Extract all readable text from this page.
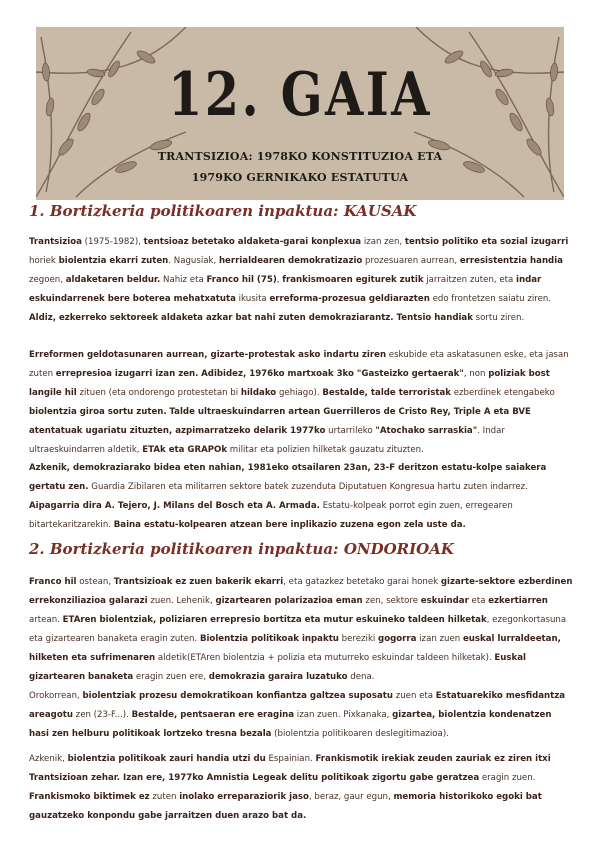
12. GAIA
TRANTSIZIOA: 1978KO KONSTITUZIOA ETA
1979KO GERNIKAKO ESTATUTUA
1. Bortizkeria politikoaren inpaktua: KAUSAK

Trantsizioa (1975-1982), tentsioaz betetako aldaketa-garai konplexua izan zen, tentsio politiko eta sozial izugarri horiek biolentzia ekarri zuten. Nagusiak, herrialdearen demokratizazio prozesuaren aurrean, erresistentzia handia zegoen, aldaketaren beldur. Nahiz eta Franco hil (75), frankismoaren egiturek zutik jarraitzen zuten, eta indar eskuindarrenek bere boterea mehatxatuta ikusita erreforma-prozesua geldiarazten edo frontetzen saiatu ziren. Aldiz, ezkerreko sektoreek aldaketa azkar bat nahi zuten demokraziarantz. Tentsio handiak sortu ziren.

Erreformen geldotasunaren aurrean, gizarte-protestak asko indartu ziren eskubide eta askatasunen eske, eta jasan zuten errepresioa izugarri izan zen. Adibidez, 1976ko martxoak 3ko "Gasteizko gertaerak", non poliziak bost langile hil zituen (eta ondorengo protestetan bi hildako gehiago). Bestalde, talde terroristak ezberdinek etengabeko biolentzia giroa sortu zuten. Talde ultraeskuindarren artean Guerrilleros de Cristo Rey, Triple A eta BVE atentatuak ugariatu zituzten, azpimarratzeko delarik 1977ko urtarrileko "Atochako sarraskia". Indar ultraeskuindarren aldetik, ETAk eta GRAPOk militar eta polizien hilketak gauzatu zituzten.

Azkenik, demokraziarako bidea eten nahian, 1981eko otsailaren 23an, 23-F deritzon estatu-kolpe saiakera gertatu zen. Guardia Zibilaren eta militarren sektore batek zuzenduta Diputatuen Kongresua hartu zuten indarrez. Aipagarria dira A. Tejero, J. Milans del Bosch eta A. Armada. Estatu-kolpeak porrot egin zuen, erregearen bitartekaritzarekin. Baina estatu-kolpearen atzean bere inplikazio zuzena egon zela uste da.

2. Bortizkeria politikoaren inpaktua: ONDORIOAK

Franco hil ostean, Trantsizioak ez zuen bakerik ekarri, eta gatazkez betetako garai honek gizarte-sektore ezberdinen errekonziliazioa galarazi zuen. Lehenik, gizartearen polarizazioa eman zen, sektore eskuindar eta ezkertiarren artean. ETAren biolentziak, poliziaren errepresio bortitza eta mutur eskuineko taldeen hilketak, ezegonkortasuna eta gizartearen banaketa eragin zuten. Biolentzia politikoak inpaktu bereziki gogorra izan zuen euskal lurraldeetan, hilketen eta sufrimenaren aldetik(ETAren biolentzia + polizia eta muturreko eskuindar taldeen hilketak). Euskal gizartearen banaketa eragin zuen ere, demokrazia garaira luzatuko dena.

Orokorrean, biolentziak prozesu demokratikoan konfiantza galtzea suposatu zuen eta Estatuarekiko mesfidantza areagotu zen (23-F...). Bestalde, pentsaeran ere eragina izan zuen. Pixkanaka, gizartea, biolentzia kondenatzen hasi zen helburu politikoak lortzeko tresna bezala (biolentzia politikoaren deslegitimazioa).

Azkenik, biolentzia politikoak zauri handia utzi du Espainian. Frankismotik irekiak zeuden zauriak ez ziren itxi Trantsizioan zehar. Izan ere, 1977ko Amnistia Legeak delitu politikoak zigortu gabe geratzea eragin zuen. Frankismoko biktimek ez zuten inolako erreparaziorik jaso, beraz, gaur egun, memoria historikoko egoki bat gauzatzeko konpondu gabe jarraitzen duen arazo bat da.
